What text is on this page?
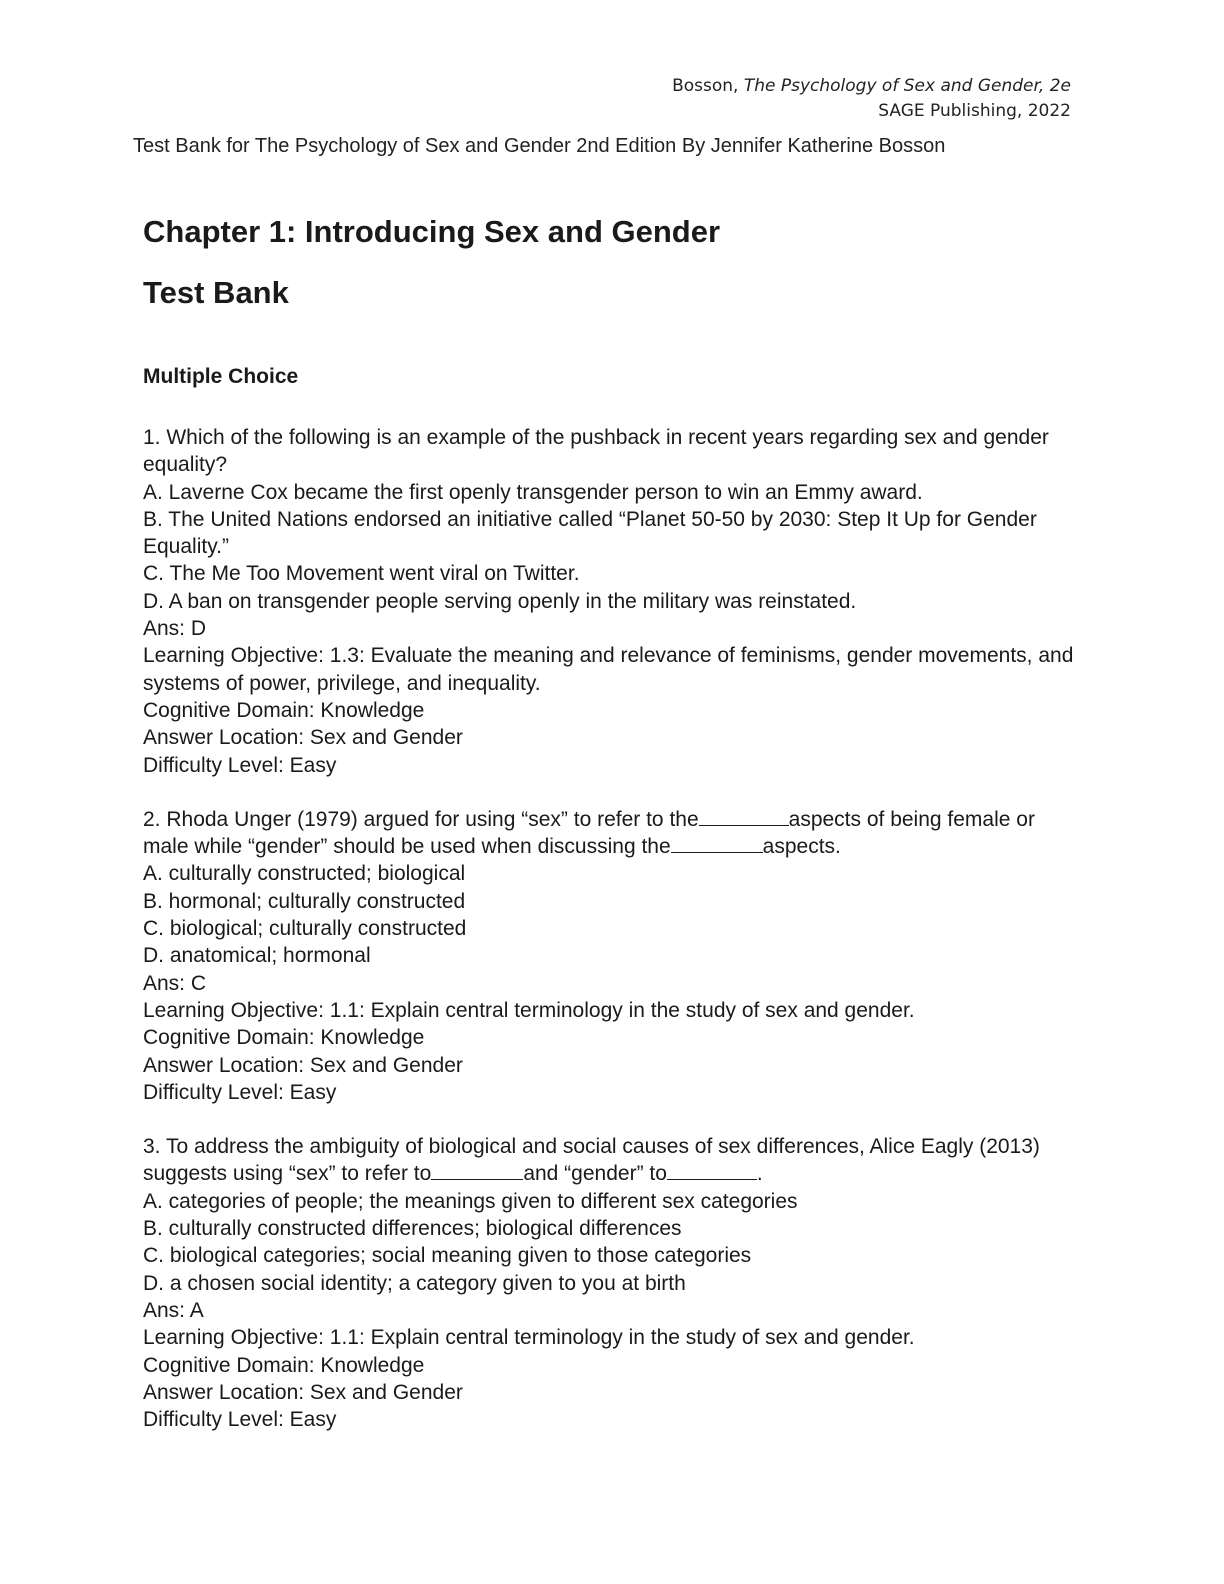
Bosson, The Psychology of Sex and Gender, 2e
SAGE Publishing, 2022
Test Bank for The Psychology of Sex and Gender 2nd Edition By Jennifer Katherine Bosson
Chapter 1: Introducing Sex and Gender
Test Bank
Multiple Choice

1. Which of the following is an example of the pushback in recent years regarding sex and gender equality?

A. Laverne Cox became the first openly transgender person to win an Emmy award.

B. The United Nations endorsed an initiative called “Planet 50-50 by 2030: Step It Up for Gender Equality.”

C. The Me Too Movement went viral on Twitter.

D. A ban on transgender people serving openly in the military was reinstated.

Ans: D

Learning Objective: 1.3: Evaluate the meaning and relevance of feminisms, gender movements, and systems of power, privilege, and inequality.

Cognitive Domain: Knowledge

Answer Location: Sex and Gender

Difficulty Level: Easy

2. Rhoda Unger (1979) argued for using “sex” to refer to the	aspects of being female or male while “gender” should be used when discussing the	aspects.

A. culturally constructed; biological

B. hormonal; culturally constructed

C. biological; culturally constructed

D. anatomical; hormonal

Ans: C

Learning Objective: 1.1: Explain central terminology in the study of sex and gender.

Cognitive Domain: Knowledge

Answer Location: Sex and Gender

Difficulty Level: Easy

3. To address the ambiguity of biological and social causes of sex differences, Alice Eagly (2013) suggests using “sex” to refer to	and “gender” to	.

A. categories of people; the meanings given to different sex categories

B. culturally constructed differences; biological differences

C. biological categories; social meaning given to those categories

D. a chosen social identity; a category given to you at birth

Ans: A

Learning Objective: 1.1: Explain central terminology in the study of sex and gender.

Cognitive Domain: Knowledge

Answer Location: Sex and Gender

Difficulty Level: Easy
